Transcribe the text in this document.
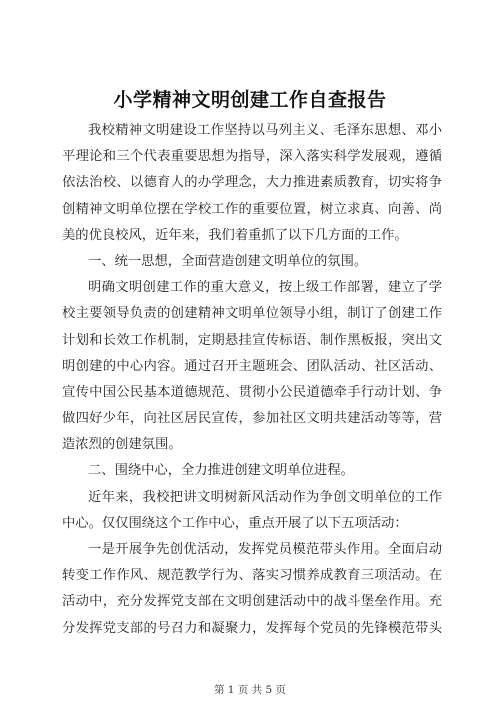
小学精神文明创建工作自查报告
我校精神文明建设工作坚持以马列主义、毛泽东思想、邓小
平理论和三个代表重要思想为指导，深入落实科学发展观，遵循
依法治校、以德育人的办学理念，大力推进素质教育，切实将争
创精神文明单位摆在学校工作的重要位置，树立求真、向善、尚
美的优良校风，近年来，我们着重抓了以下几方面的工作。
一、统一思想，全面营造创建文明单位的氛围。
明确文明创建工作的重大意义，按上级工作部署，建立了学
校主要领导负责的创建精神文明单位领导小组，制订了创建工作
计划和长效工作机制，定期悬挂宣传标语、制作黑板报，突出文
明创建的中心内容。通过召开主题班会、团队活动、社区活动、
宣传中国公民基本道德规范、贯彻小公民道德牵手行动计划、争
做四好少年，向社区居民宣传，参加社区文明共建活动等等，营
造浓烈的创建氛围。
二、围绕中心，全力推进创建文明单位进程。
近年来，我校把讲文明树新风活动作为争创文明单位的工作
中心。仅仅围绕这个工作中心，重点开展了以下五项活动：
一是开展争先创优活动，发挥党员模范带头作用。全面启动
转变工作作风、规范教学行为、落实习惯养成教育三项活动。在
活动中，充分发挥党支部在文明创建活动中的战斗堡垒作用。充
分发挥党支部的号召力和凝聚力，发挥每个党员的先锋模范带头
第 1 页 共 5 页
